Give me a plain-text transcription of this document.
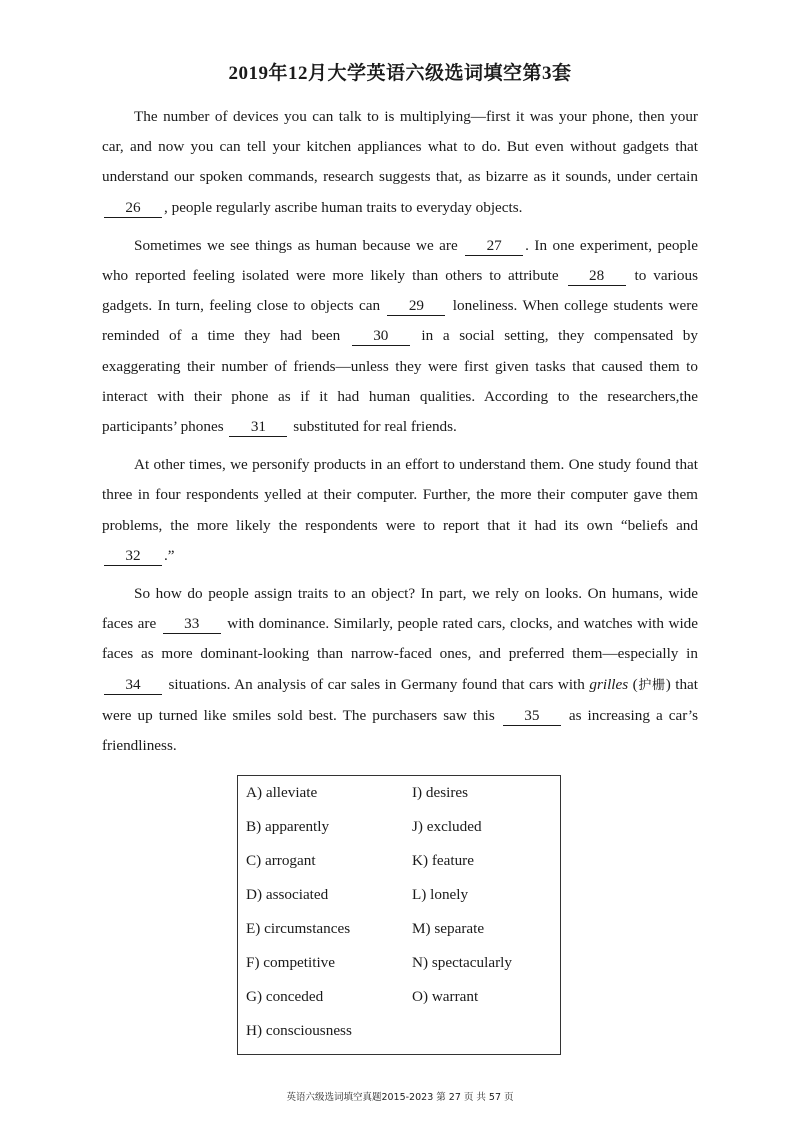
2019年12月大学英语六级选词填空第3套

The number of devices you can talk to is multiplying—first it was your phone, then your car, and now you can tell your kitchen appliances what to do. But even without gadgets that understand our spoken commands, research suggests that, as bizarre as it sounds, under certain 26 , people regularly ascribe human traits to everyday objects.

Sometimes we see things as human because we are 27 . In one experiment, people who reported feeling isolated were more likely than others to attribute 28 to various gadgets. In turn, feeling close to objects can 29 loneliness. When college students were reminded of a time they had been 30 in a social setting, they compensated by exaggerating their number of friends—unless they were first given tasks that caused them to interact with their phone as if it had human qualities. According to the researchers,the participants’ phones 31 substituted for real friends.

At other times, we personify products in an effort to understand them. One study found that three in four respondents yelled at their computer. Further, the more their computer gave them problems, the more likely the respondents were to report that it had its own “beliefs and 32 .”

So how do people assign traits to an object? In part, we rely on looks. On humans, wide faces are 33 with dominance. Similarly, people rated cars, clocks, and watches with wide faces as more dominant-looking than narrow-faced ones, and preferred them—especially in 34 situations. An analysis of car sales in Germany found that cars with grilles (护栅) that were up turned like smiles sold best. The purchasers saw this 35 as increasing a car’s friendliness.

A) alleviate
B) apparently
C) arrogant
D) associated
E) circumstances
F) competitive
G) conceded
H) consciousness
I) desires
J) excluded
K) feature
L) lonely
M) separate
N) spectacularly
O) warrant
英语六级选词填空真题2015-2023 第 27 页 共 57 页
